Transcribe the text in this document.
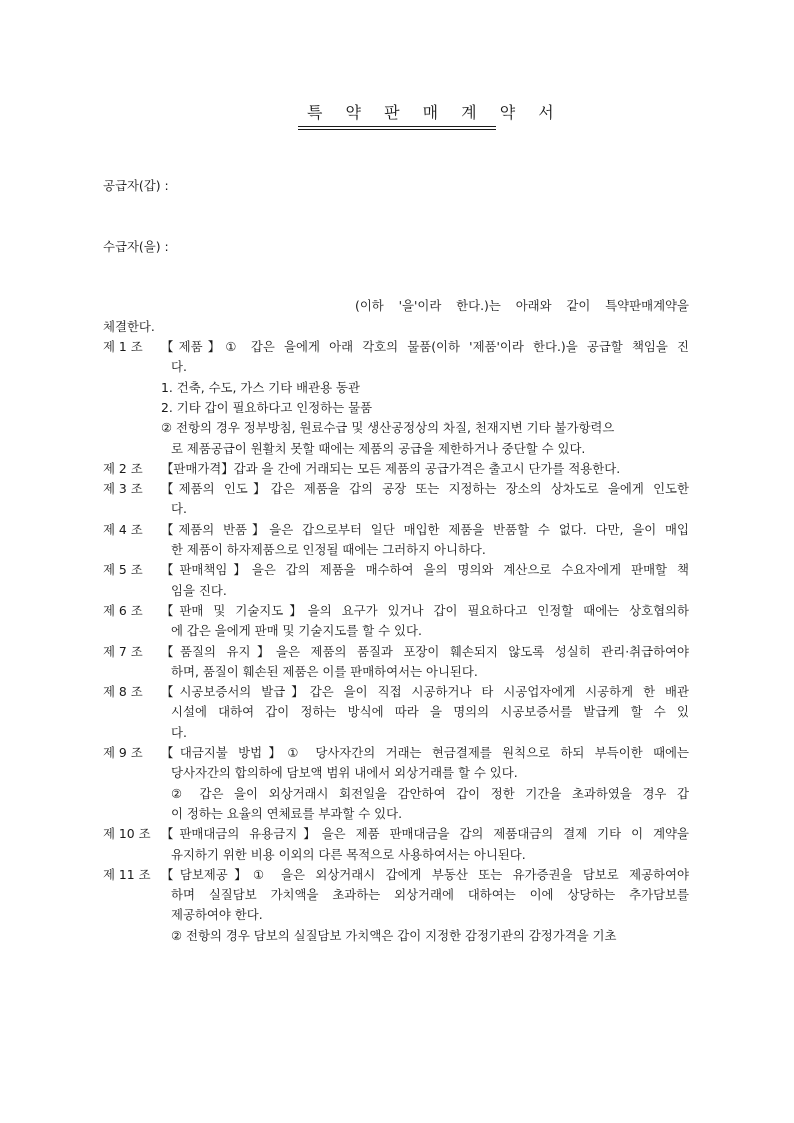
특 약 판 매 계 약 서
공급자(갑) :
수급자(을) :
(이하 '을'이라 한다.)는 아래와 같이 특약판매계약을
체결한다.
제 1 조	【제품】① 갑은 을에게 아래 각호의 물품(이하 '제품'이라 한다.)을 공급할 책임을 진
다.
1. 건축, 수도, 가스 기타 배관용 동관
2. 기타 갑이 필요하다고 인정하는 물품
② 전항의 경우 정부방침, 원료수급 및 생산공정상의 차질, 천재지변 기타 불가항력으
로 제품공급이 원활치 못할 때에는 제품의 공급을 제한하거나 중단할 수 있다.
제 2 조	【판매가격】갑과 을 간에 거래되는 모든 제품의 공급가격은 출고시 단가를 적용한다.
제 3 조	【제품의 인도】갑은 제품을 갑의 공장 또는 지정하는 장소의 상차도로 을에게 인도한
다.
제 4 조	【제품의 반품】을은 갑으로부터 일단 매입한 제품을 반품할 수 없다. 다만, 을이 매입
한 제품이 하자제품으로 인정될 때에는 그러하지 아니하다.
제 5 조	【판매책임】을은 갑의 제품을 매수하여 을의 명의와 계산으로 수요자에게 판매할 책
임을 진다.
제 6 조	【판매 및 기술지도】을의 요구가 있거나 갑이 필요하다고 인정할 때에는 상호협의하
에 갑은 을에게 판매 및 기술지도를 할 수 있다.
제 7 조	【품질의 유지】을은 제품의 품질과 포장이 훼손되지 않도록 성실히 관리·취급하여야
하며, 품질이 훼손된 제품은 이를 판매하여서는 아니된다.
제 8 조	【시공보증서의 발급】갑은 을이 직접 시공하거나 타 시공업자에게 시공하게 한 배관
시설에 대하여 갑이 정하는 방식에 따라 을 명의의 시공보증서를 발급케 할 수 있
다.
제 9 조	【대금지불 방법】① 당사자간의 거래는 현금결제를 원칙으로 하되 부득이한 때에는
당사자간의 합의하에 담보액 범위 내에서 외상거래를 할 수 있다.
② 갑은 을이 외상거래시 회전일을 감안하여 갑이 정한 기간을 초과하였을 경우 갑
이 정하는 요율의 연체료를 부과할 수 있다.
제 10 조 【판매대금의 유용금지】을은 제품 판매대금을 갑의 제품대금의 결제 기타 이 계약을
유지하기 위한 비용 이외의 다른 목적으로 사용하여서는 아니된다.
제 11 조 【담보제공】① 을은 외상거래시 갑에게 부동산 또는 유가증권을 담보로 제공하여야
하며 실질담보 가치액을 초과하는 외상거래에 대하여는 이에 상당하는 추가담보를
제공하여야 한다.
② 전항의 경우 담보의 실질담보 가치액은 갑이 지정한 감정기관의 감정가격을 기초
